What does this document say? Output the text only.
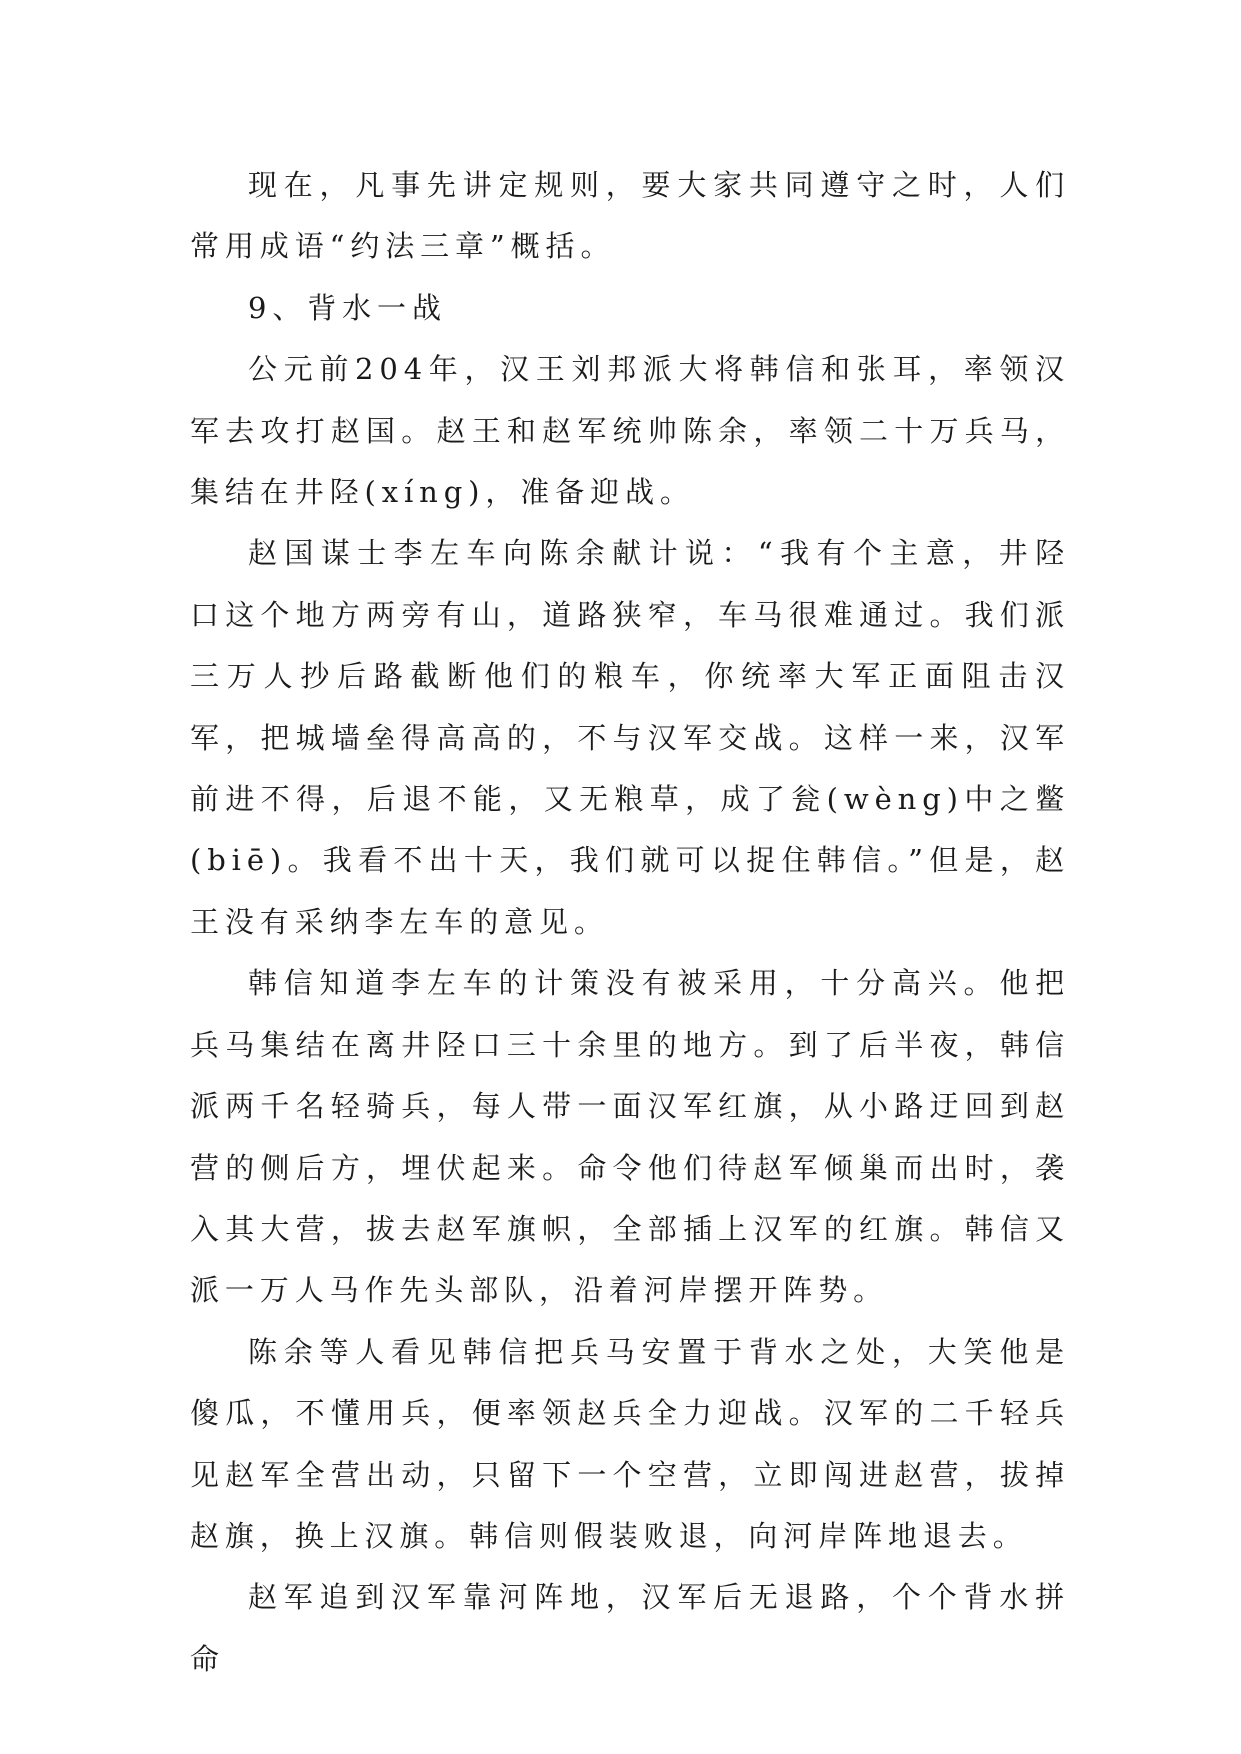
现在，凡事先讲定规则，要大家共同遵守之时，人们常用成语“约法三章”概括。

9、背水一战

公元前204年，汉王刘邦派大将韩信和张耳，率领汉军去攻打赵国。赵王和赵军统帅陈余，率领二十万兵马，集结在井陉(xíng)，准备迎战。

赵国谋士李左车向陈余献计说：“我有个主意，井陉口这个地方两旁有山，道路狭窄，车马很难通过。我们派三万人抄后路截断他们的粮车，你统率大军正面阻击汉军，把城墙垒得高高的，不与汉军交战。这样一来，汉军前进不得，后退不能，又无粮草，成了瓮(wèng)中之鳖(biē)。我看不出十天，我们就可以捉住韩信。”但是，赵王没有采纳李左车的意见。

韩信知道李左车的计策没有被采用，十分高兴。他把兵马集结在离井陉口三十余里的地方。到了后半夜，韩信派两千名轻骑兵，每人带一面汉军红旗，从小路迂回到赵营的侧后方，埋伏起来。命令他们待赵军倾巢而出时，袭入其大营，拔去赵军旗帜，全部插上汉军的红旗。韩信又派一万人马作先头部队，沿着河岸摆开阵势。

陈余等人看见韩信把兵马安置于背水之处，大笑他是傻瓜，不懂用兵，便率领赵兵全力迎战。汉军的二千轻兵见赵军全营出动，只留下一个空营，立即闯进赵营，拔掉赵旗，换上汉旗。韩信则假装败退，向河岸阵地退去。

赵军追到汉军靠河阵地，汉军后无退路，个个背水拼命
